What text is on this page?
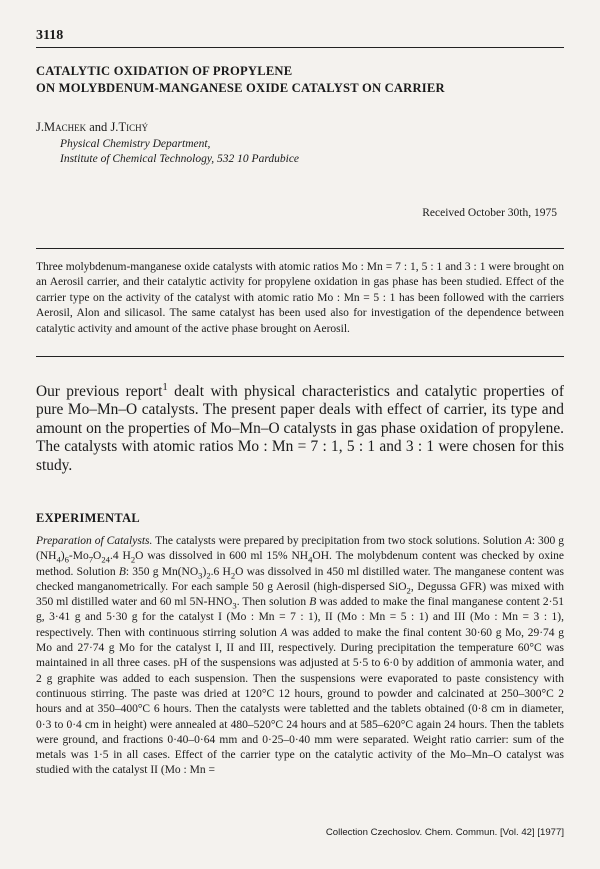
3118
CATALYTIC OXIDATION OF PROPYLENE
ON MOLYBDENUM-MANGANESE OXIDE CATALYST ON CARRIER
J.Machek and J.Tichý
Physical Chemistry Department,
Institute of Chemical Technology, 532 10 Pardubice
Received October 30th, 1975
Three molybdenum-manganese oxide catalysts with atomic ratios Mo : Mn = 7 : 1, 5 : 1 and 3 : 1 were brought on an Aerosil carrier, and their catalytic activity for propylene oxidation in gas phase has been studied. Effect of the carrier type on the activity of the catalyst with atomic ratio Mo : Mn = 5 : 1 has been followed with the carriers Aerosil, Alon and silicasol. The same catalyst has been used also for investigation of the dependence between catalytic activity and amount of the active phase brought on Aerosil.
Our previous report$^1$ dealt with physical characteristics and catalytic properties of pure Mo–Mn–O catalysts. The present paper deals with effect of carrier, its type and amount on the properties of Mo–Mn–O catalysts in gas phase oxidation of propylene. The catalysts with atomic ratios Mo : Mn = 7 : 1, 5 : 1 and 3 : 1 were chosen for this study.
EXPERIMENTAL
Preparation of Catalysts. The catalysts were prepared by precipitation from two stock solutions. Solution A: 300 g $(NH_4)_6-Mo_7O_{24}.4$ $H_2O$ was dissolved in 600 ml 15% $NH_4OH$. The molybdenum content was checked by oxine method. Solution B: 350 g $Mn(NO_3)_2.6$ $H_2O$ was dissolved in 450 ml distilled water. The manganese content was checked manganometrically. For each sample 50 g Aerosil (high-dispersed SiO$_2$, Degussa GFR) was mixed with 350 ml distilled water and 60 ml $5N-HNO_3$. Then solution B was added to make the final manganese content 2·51 g, 3·41 g and 5·30 g for the catalyst I (Mo : Mn = 7 : 1), II (Mo : Mn = 5 : 1) and III (Mo : Mn = 3 : 1), respectively. Then with continuous stirring solution A was added to make the final content 30·60 g Mo, 29·74 g Mo and 27·74 g Mo for the catalyst I, II and III, respectively. During precipitation the temperature 60°C was maintained in all three cases. pH of the suspensions was adjusted at 5·5 to 6·0 by addition of ammonia water, and 2 g graphite was added to each suspension. Then the suspensions were evaporated to paste consistency with continuous stirring. The paste was dried at 120°C 12 hours, ground to powder and calcinated at 250–300°C 2 hours and at 350–400°C 6 hours. Then the catalysts were tabletted and the tablets obtained (0·8 cm in diameter, 0·3 to 0·4 cm in height) were annealed at 480–520°C 24 hours and at 585–620°C again 24 hours. Then the tablets were ground, and fractions 0·40–0·64 mm and 0·25–0·40 mm were separated. Weight ratio carrier: sum of the metals was 1·5 in all cases. Effect of the carrier type on the catalytic activity of the Mo–Mn–O catalyst was studied with the catalyst II (Mo : Mn =
Collection Czechoslov. Chem. Commun. [Vol. 42] [1977]
